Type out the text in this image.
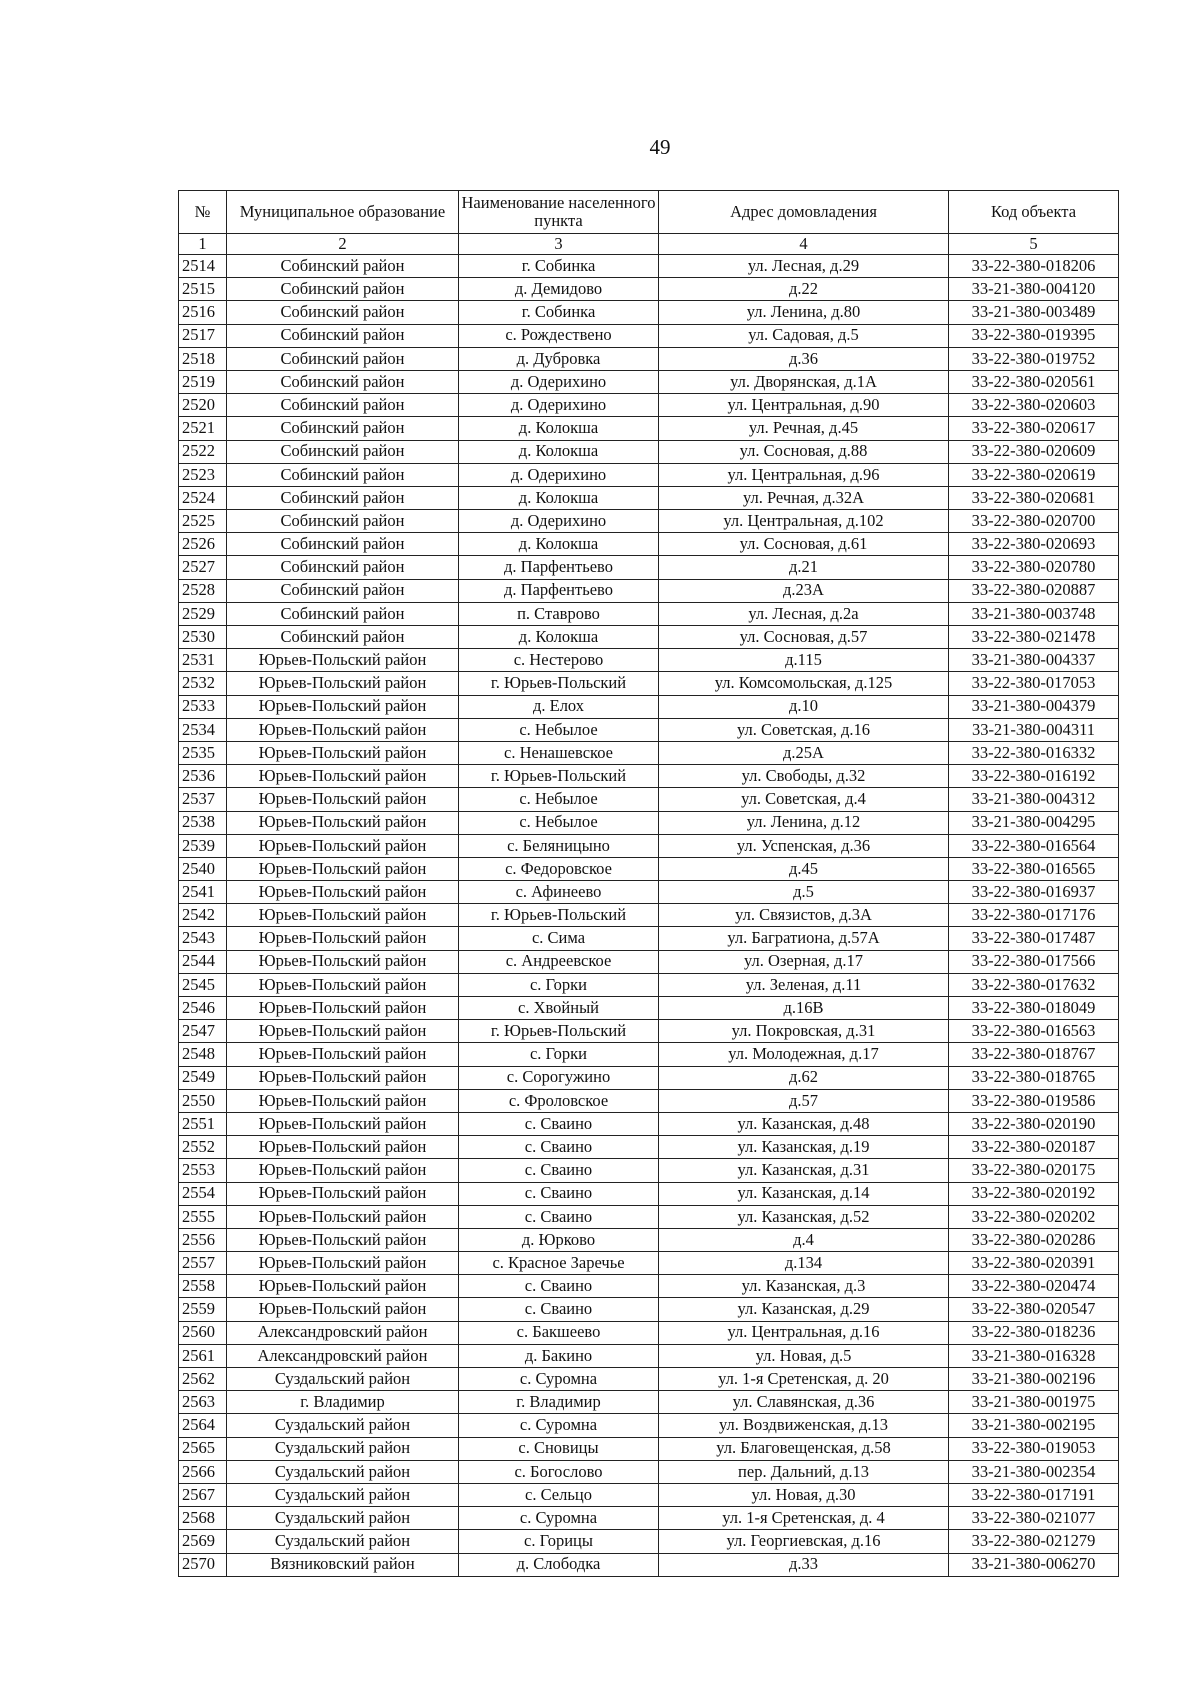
49
№	Муниципальное образование	Наименование населенного пункта	Адрес домовладения	Код объекта
1	2	3	4	5
2514	Собинский район	г. Собинка	ул. Лесная, д.29	33-22-380-018206
2515	Собинский район	д. Демидово	д.22	33-21-380-004120
2516	Собинский район	г. Собинка	ул. Ленина, д.80	33-21-380-003489
2517	Собинский район	с. Рождествено	ул. Садовая, д.5	33-22-380-019395
2518	Собинский район	д. Дубровка	д.36	33-22-380-019752
2519	Собинский район	д. Одерихино	ул. Дворянская, д.1А	33-22-380-020561
2520	Собинский район	д. Одерихино	ул. Центральная, д.90	33-22-380-020603
2521	Собинский район	д. Колокша	ул. Речная, д.45	33-22-380-020617
2522	Собинский район	д. Колокша	ул. Сосновая, д.88	33-22-380-020609
2523	Собинский район	д. Одерихино	ул. Центральная, д.96	33-22-380-020619
2524	Собинский район	д. Колокша	ул. Речная, д.32А	33-22-380-020681
2525	Собинский район	д. Одерихино	ул. Центральная, д.102	33-22-380-020700
2526	Собинский район	д. Колокша	ул. Сосновая, д.61	33-22-380-020693
2527	Собинский район	д. Парфентьево	д.21	33-22-380-020780
2528	Собинский район	д. Парфентьево	д.23А	33-22-380-020887
2529	Собинский район	п. Ставрово	ул. Лесная, д.2а	33-21-380-003748
2530	Собинский район	д. Колокша	ул. Сосновая, д.57	33-22-380-021478
2531	Юрьев-Польский район	с. Нестерово	д.115	33-21-380-004337
2532	Юрьев-Польский район	г. Юрьев-Польский	ул. Комсомольская, д.125	33-22-380-017053
2533	Юрьев-Польский район	д. Елох	д.10	33-21-380-004379
2534	Юрьев-Польский район	с. Небылое	ул. Советская, д.16	33-21-380-004311
2535	Юрьев-Польский район	с. Ненашевское	д.25А	33-22-380-016332
2536	Юрьев-Польский район	г. Юрьев-Польский	ул. Свободы, д.32	33-22-380-016192
2537	Юрьев-Польский район	с. Небылое	ул. Советская, д.4	33-21-380-004312
2538	Юрьев-Польский район	с. Небылое	ул. Ленина, д.12	33-21-380-004295
2539	Юрьев-Польский район	с. Беляницыно	ул. Успенская, д.36	33-22-380-016564
2540	Юрьев-Польский район	с. Федоровское	д.45	33-22-380-016565
2541	Юрьев-Польский район	с. Афинеево	д.5	33-22-380-016937
2542	Юрьев-Польский район	г. Юрьев-Польский	ул. Связистов, д.3А	33-22-380-017176
2543	Юрьев-Польский район	с. Сима	ул. Багратиона, д.57А	33-22-380-017487
2544	Юрьев-Польский район	с. Андреевское	ул. Озерная, д.17	33-22-380-017566
2545	Юрьев-Польский район	с. Горки	ул. Зеленая, д.11	33-22-380-017632
2546	Юрьев-Польский район	с. Хвойный	д.16В	33-22-380-018049
2547	Юрьев-Польский район	г. Юрьев-Польский	ул. Покровская, д.31	33-22-380-016563
2548	Юрьев-Польский район	с. Горки	ул. Молодежная, д.17	33-22-380-018767
2549	Юрьев-Польский район	с. Сорогужино	д.62	33-22-380-018765
2550	Юрьев-Польский район	с. Фроловское	д.57	33-22-380-019586
2551	Юрьев-Польский район	с. Сваино	ул. Казанская, д.48	33-22-380-020190
2552	Юрьев-Польский район	с. Сваино	ул. Казанская, д.19	33-22-380-020187
2553	Юрьев-Польский район	с. Сваино	ул. Казанская, д.31	33-22-380-020175
2554	Юрьев-Польский район	с. Сваино	ул. Казанская, д.14	33-22-380-020192
2555	Юрьев-Польский район	с. Сваино	ул. Казанская, д.52	33-22-380-020202
2556	Юрьев-Польский район	д. Юрково	д.4	33-22-380-020286
2557	Юрьев-Польский район	с. Красное Заречье	д.134	33-22-380-020391
2558	Юрьев-Польский район	с. Сваино	ул. Казанская, д.3	33-22-380-020474
2559	Юрьев-Польский район	с. Сваино	ул. Казанская, д.29	33-22-380-020547
2560	Александровский район	с. Бакшеево	ул. Центральная, д.16	33-22-380-018236
2561	Александровский район	д. Бакино	ул. Новая, д.5	33-21-380-016328
2562	Суздальский район	с. Суромна	ул. 1-я Сретенская, д. 20	33-21-380-002196
2563	г. Владимир	г. Владимир	ул. Славянская, д.36	33-21-380-001975
2564	Суздальский район	с. Суромна	ул. Воздвиженская, д.13	33-21-380-002195
2565	Суздальский район	с. Сновицы	ул. Благовещенская, д.58	33-22-380-019053
2566	Суздальский район	с. Богослово	пер. Дальний, д.13	33-21-380-002354
2567	Суздальский район	с. Сельцо	ул. Новая, д.30	33-22-380-017191
2568	Суздальский район	с. Суромна	ул. 1-я Сретенская, д. 4	33-22-380-021077
2569	Суздальский район	с. Горицы	ул. Георгиевская, д.16	33-22-380-021279
2570	Вязниковский район	д. Слободка	д.33	33-21-380-006270
